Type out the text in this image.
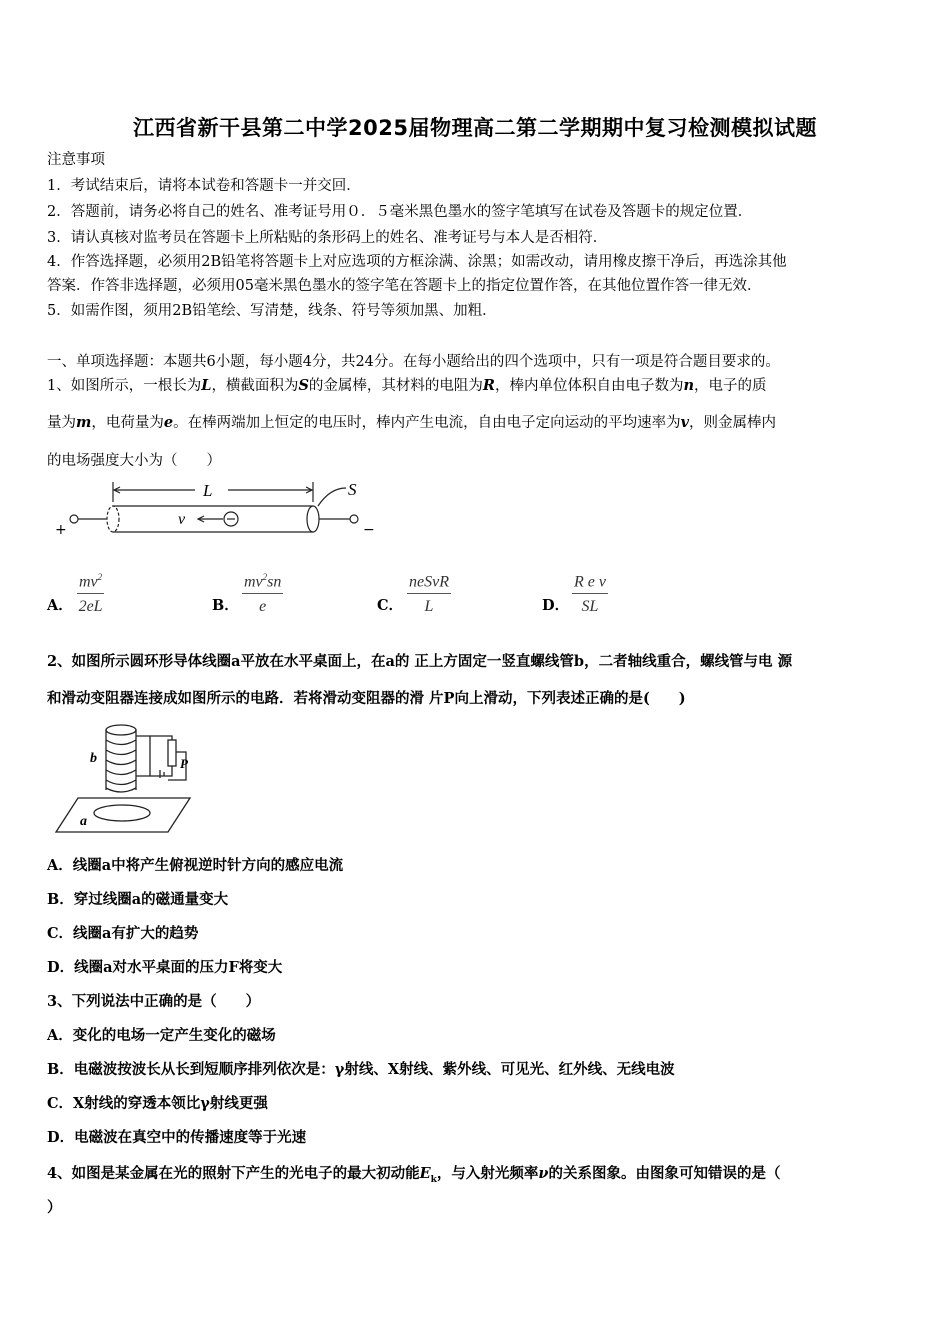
江西省新干县第二中学2025届物理高二第二学期期中复习检测模拟试题
注意事项
1．考试结束后，请将本试卷和答题卡一并交回．
2．答题前，请务必将自己的姓名、准考证号用０．５毫米黑色墨水的签字笔填写在试卷及答题卡的规定位置．
3．请认真核对监考员在答题卡上所粘贴的条形码上的姓名、准考证号与本人是否相符．
4．作答选择题，必须用2B铅笔将答题卡上对应选项的方框涂满、涂黑；如需改动，请用橡皮擦干净后，再选涂其他
答案．作答非选择题，必须用05毫米黑色墨水的签字笔在答题卡上的指定位置作答，在其他位置作答一律无效．
5．如需作图，须用2B铅笔绘、写清楚，线条、符号等须加黑、加粗．
一、单项选择题：本题共6小题，每小题4分，共24分。在每小题给出的四个选项中，只有一项是符合题目要求的。
1、如图所示，一根长为L，横截面积为S的金属棒，其材料的电阻为R，棒内单位体积自由电子数为n，电子的质
量为m，电荷量为e。在棒两端加上恒定的电压时，棒内产生电流，自由电子定向运动的平均速率为v，则金属棒内
的电场强度大小为（　　）
L	S
v
+	−
A． $\frac{mv^2}{2eL}$	B． $\frac{mv^2sn}{e}$	C．
neSvR
L	D． $\frac{\text{R e v}}{SL}$
2、如图所示圆环形导体线圈a平放在水平桌面上，在a的 正上方固定一竖直螺线管b，二者轴线重合，螺线管与电 源
和滑动变阻器连接成如图所示的电路．若将滑动变阻器的滑 片P向上滑动，下列表述正确的是(　　)
a
b	P
A．线圈a中将产生俯视逆时针方向的感应电流
B．穿过线圈a的磁通量变大
C．线圈a有扩大的趋势
D．线圈a对水平桌面的压力F将变大
3、下列说法中正确的是（　　）
A．变化的电场一定产生变化的磁场
B．电磁波按波长从长到短顺序排列依次是：γ射线、X射线、紫外线、可见光、红外线、无线电波
C．X射线的穿透本领比γ射线更强
D．电磁波在真空中的传播速度等于光速
4、如图是某金属在光的照射下产生的光电子的最大初动能$E_k$，与入射光频率ν的关系图象。由图象可知错误的是（
）
